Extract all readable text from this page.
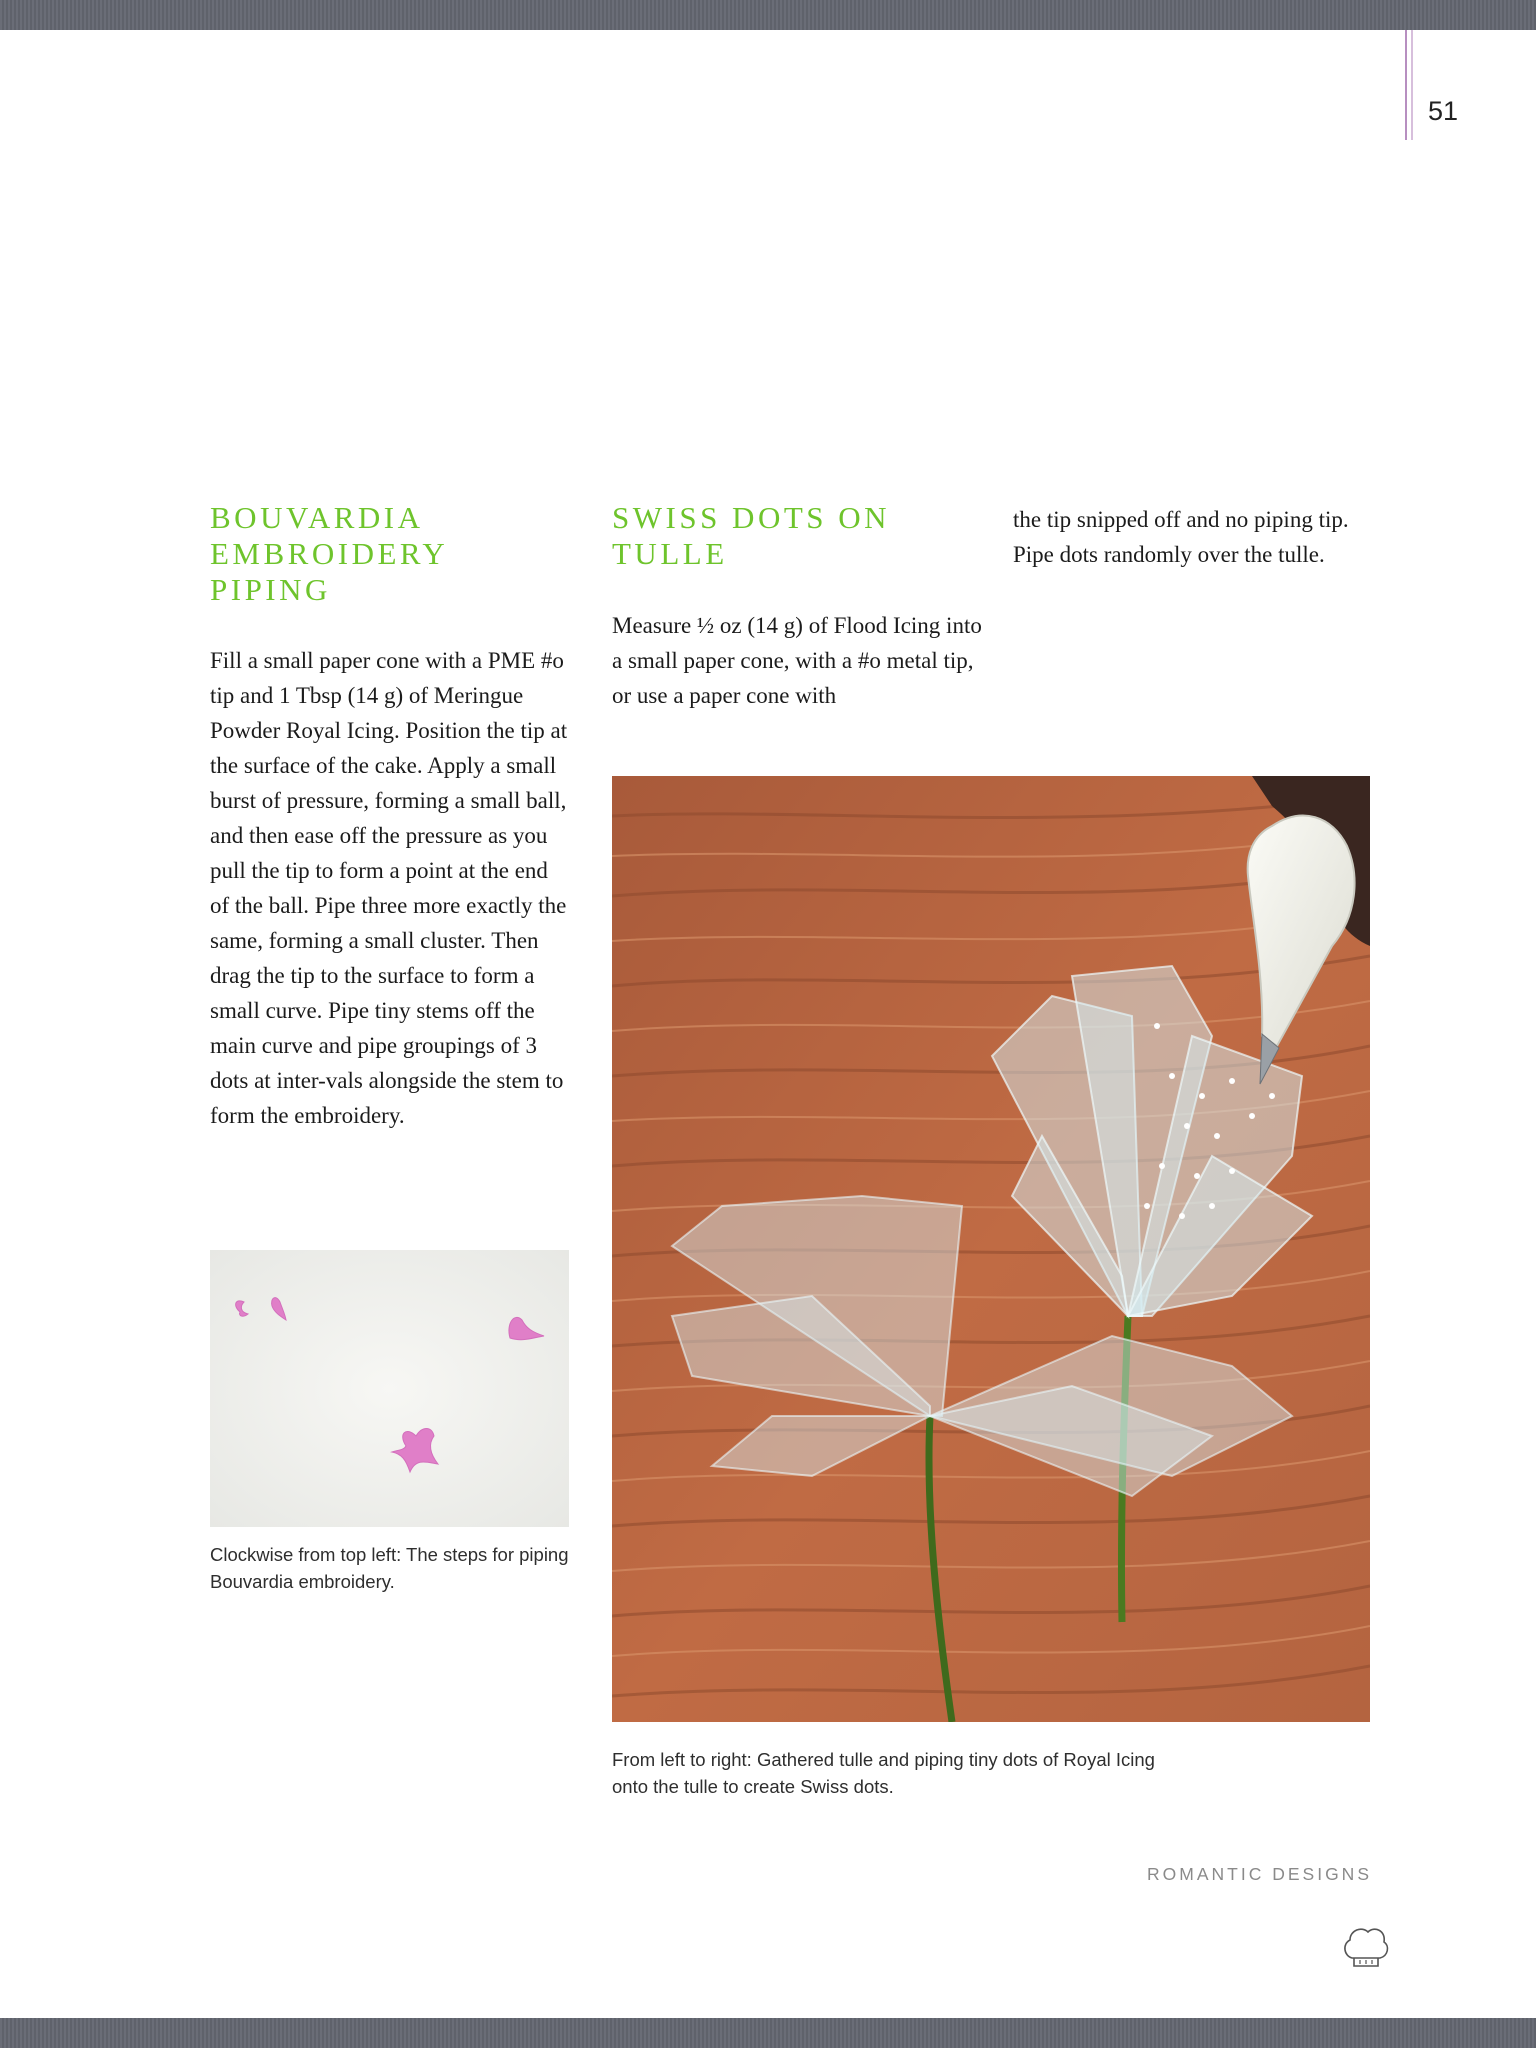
51
BOUVARDIA EMBROIDERY PIPING

Fill a small paper cone with a PME #o tip and 1 Tbsp (14 g) of Meringue Powder Royal Icing. Position the tip at the surface of the cake. Apply a small burst of pressure, forming a small ball, and then ease off the pressure as you pull the tip to form a point at the end of the ball. Pipe three more exactly the same, forming a small cluster. Then drag the tip to the surface to form a small curve. Pipe tiny stems off the main curve and pipe groupings of 3 dots at inter-vals alongside the stem to form the embroidery.

Clockwise from top left: The steps for piping Bouvardia embroidery.

SWISS DOTS ON TULLE

Measure ½ oz (14 g) of Flood Icing into a small paper cone, with a #o metal tip, or use a paper cone with

the tip snipped off and no piping tip. Pipe dots randomly over the tulle.

From left to right: Gathered tulle and piping tiny dots of Royal Icing onto the tulle to create Swiss dots.

ROMANTIC DESIGNS
